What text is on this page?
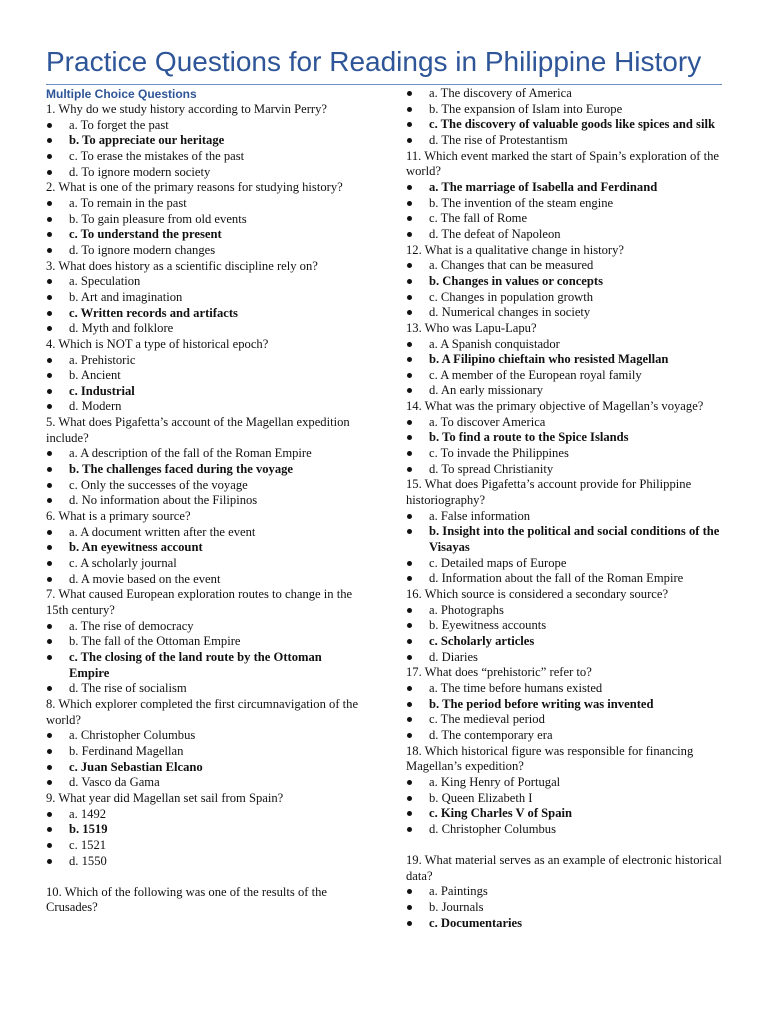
Practice Questions for Readings in Philippine History
Multiple Choice Questions

1. Why do we study history according to Marvin Perry?

a. To forget the past
b. To appreciate our heritage
c. To erase the mistakes of the past
d. To ignore modern society

2. What is one of the primary reasons for studying history?

a. To remain in the past
b. To gain pleasure from old events
c. To understand the present
d. To ignore modern changes

3. What does history as a scientific discipline rely on?

a. Speculation
b. Art and imagination
c. Written records and artifacts
d. Myth and folklore

4. Which is NOT a type of historical epoch?

a. Prehistoric
b. Ancient
c. Industrial
d. Modern

5. What does Pigafetta’s account of the Magellan expedition include?

a. A description of the fall of the Roman Empire
b. The challenges faced during the voyage
c. Only the successes of the voyage
d. No information about the Filipinos

6. What is a primary source?

a. A document written after the event
b. An eyewitness account
c. A scholarly journal
d. A movie based on the event

7. What caused European exploration routes to change in the 15th century?

a. The rise of democracy
b. The fall of the Ottoman Empire
c. The closing of the land route by the Ottoman Empire
d. The rise of socialism

8. Which explorer completed the first circumnavigation of the world?

a. Christopher Columbus
b. Ferdinand Magellan
c. Juan Sebastian Elcano
d. Vasco da Gama

9. What year did Magellan set sail from Spain?

a. 1492
b. 1519
c. 1521
d. 1550

10. Which of the following was one of the results of the Crusades?

a. The discovery of America
b. The expansion of Islam into Europe
c. The discovery of valuable goods like spices and silk
d. The rise of Protestantism

11. Which event marked the start of Spain’s exploration of the world?

a. The marriage of Isabella and Ferdinand
b. The invention of the steam engine
c. The fall of Rome
d. The defeat of Napoleon

12. What is a qualitative change in history?

a. Changes that can be measured
b. Changes in values or concepts
c. Changes in population growth
d. Numerical changes in society

13. Who was Lapu-Lapu?

a. A Spanish conquistador
b. A Filipino chieftain who resisted Magellan
c. A member of the European royal family
d. An early missionary

14. What was the primary objective of Magellan’s voyage?

a. To discover America
b. To find a route to the Spice Islands
c. To invade the Philippines
d. To spread Christianity

15. What does Pigafetta’s account provide for Philippine historiography?

a. False information
b. Insight into the political and social conditions of the Visayas
c. Detailed maps of Europe
d. Information about the fall of the Roman Empire

16. Which source is considered a secondary source?

a. Photographs
b. Eyewitness accounts
c. Scholarly articles
d. Diaries

17. What does “prehistoric” refer to?

a. The time before humans existed
b. The period before writing was invented
c. The medieval period
d. The contemporary era

18. Which historical figure was responsible for financing Magellan’s expedition?

a. King Henry of Portugal
b. Queen Elizabeth I
c. King Charles V of Spain
d. Christopher Columbus

19. What material serves as an example of electronic historical data?

a. Paintings
b. Journals
c. Documentaries
